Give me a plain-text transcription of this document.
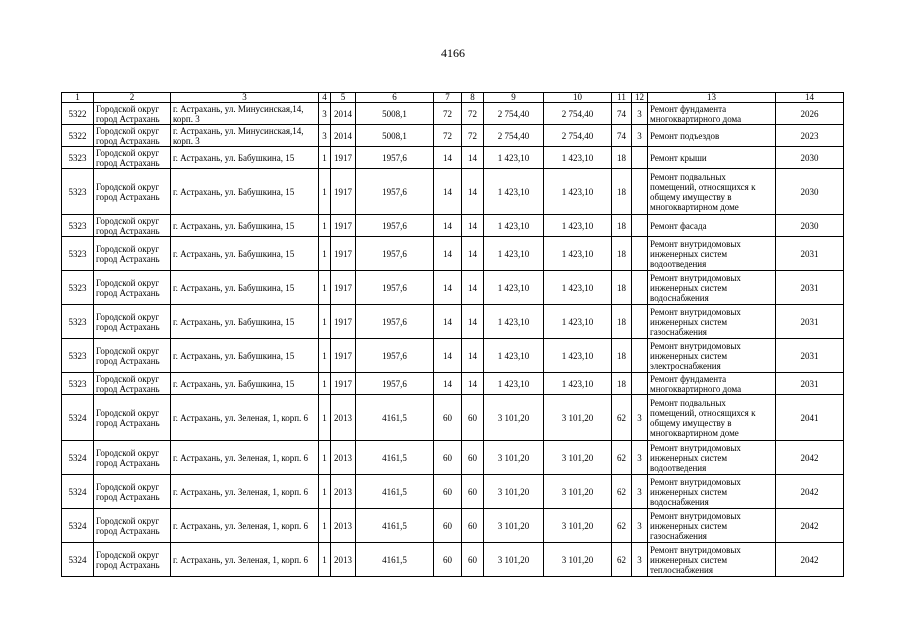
4166
1	2	3	4	5	6	7	8	9	10	11	12	13	14
5322	Городской округ город Астрахань	г. Астрахань, ул. Минусинская,14, корп. 3	3	2014	5008,1	72	72	2 754,40	2 754,40	74	3	Ремонт фундамента многоквартирного дома	2026
5322	Городской округ город Астрахань	г. Астрахань, ул. Минусинская,14, корп. 3	3	2014	5008,1	72	72	2 754,40	2 754,40	74	3	Ремонт подъездов	2023
5323	Городской округ город Астрахань	г. Астрахань, ул. Бабушкина, 15	1	1917	1957,6	14	14	1 423,10	1 423,10	18		Ремонт крыши	2030
5323	Городской округ город Астрахань	г. Астрахань, ул. Бабушкина, 15	1	1917	1957,6	14	14	1 423,10	1 423,10	18		Ремонт подвальных помещений, относящихся к общему имуществу в многоквартирном доме	2030
5323	Городской округ город Астрахань	г. Астрахань, ул. Бабушкина, 15	1	1917	1957,6	14	14	1 423,10	1 423,10	18		Ремонт фасада	2030
5323	Городской округ город Астрахань	г. Астрахань, ул. Бабушкина, 15	1	1917	1957,6	14	14	1 423,10	1 423,10	18		Ремонт внутридомовых инженерных систем водоотведения	2031
5323	Городской округ город Астрахань	г. Астрахань, ул. Бабушкина, 15	1	1917	1957,6	14	14	1 423,10	1 423,10	18		Ремонт внутридомовых инженерных систем водоснабжения	2031
5323	Городской округ город Астрахань	г. Астрахань, ул. Бабушкина, 15	1	1917	1957,6	14	14	1 423,10	1 423,10	18		Ремонт внутридомовых инженерных систем газоснабжения	2031
5323	Городской округ город Астрахань	г. Астрахань, ул. Бабушкина, 15	1	1917	1957,6	14	14	1 423,10	1 423,10	18		Ремонт внутридомовых инженерных систем электроснабжения	2031
5323	Городской округ город Астрахань	г. Астрахань, ул. Бабушкина, 15	1	1917	1957,6	14	14	1 423,10	1 423,10	18		Ремонт фундамента многоквартирного дома	2031
5324	Городской округ город Астрахань	г. Астрахань, ул. Зеленая, 1, корп. 6	1	2013	4161,5	60	60	3 101,20	3 101,20	62	3	Ремонт подвальных помещений, относящихся к общему имуществу в многоквартирном доме	2041
5324	Городской округ город Астрахань	г. Астрахань, ул. Зеленая, 1, корп. 6	1	2013	4161,5	60	60	3 101,20	3 101,20	62	3	Ремонт внутридомовых инженерных систем водоотведения	2042
5324	Городской округ город Астрахань	г. Астрахань, ул. Зеленая, 1, корп. 6	1	2013	4161,5	60	60	3 101,20	3 101,20	62	3	Ремонт внутридомовых инженерных систем водоснабжения	2042
5324	Городской округ город Астрахань	г. Астрахань, ул. Зеленая, 1, корп. 6	1	2013	4161,5	60	60	3 101,20	3 101,20	62	3	Ремонт внутридомовых инженерных систем газоснабжения	2042
5324	Городской округ город Астрахань	г. Астрахань, ул. Зеленая, 1, корп. 6	1	2013	4161,5	60	60	3 101,20	3 101,20	62	3	Ремонт внутридомовых инженерных систем теплоснабжения	2042
